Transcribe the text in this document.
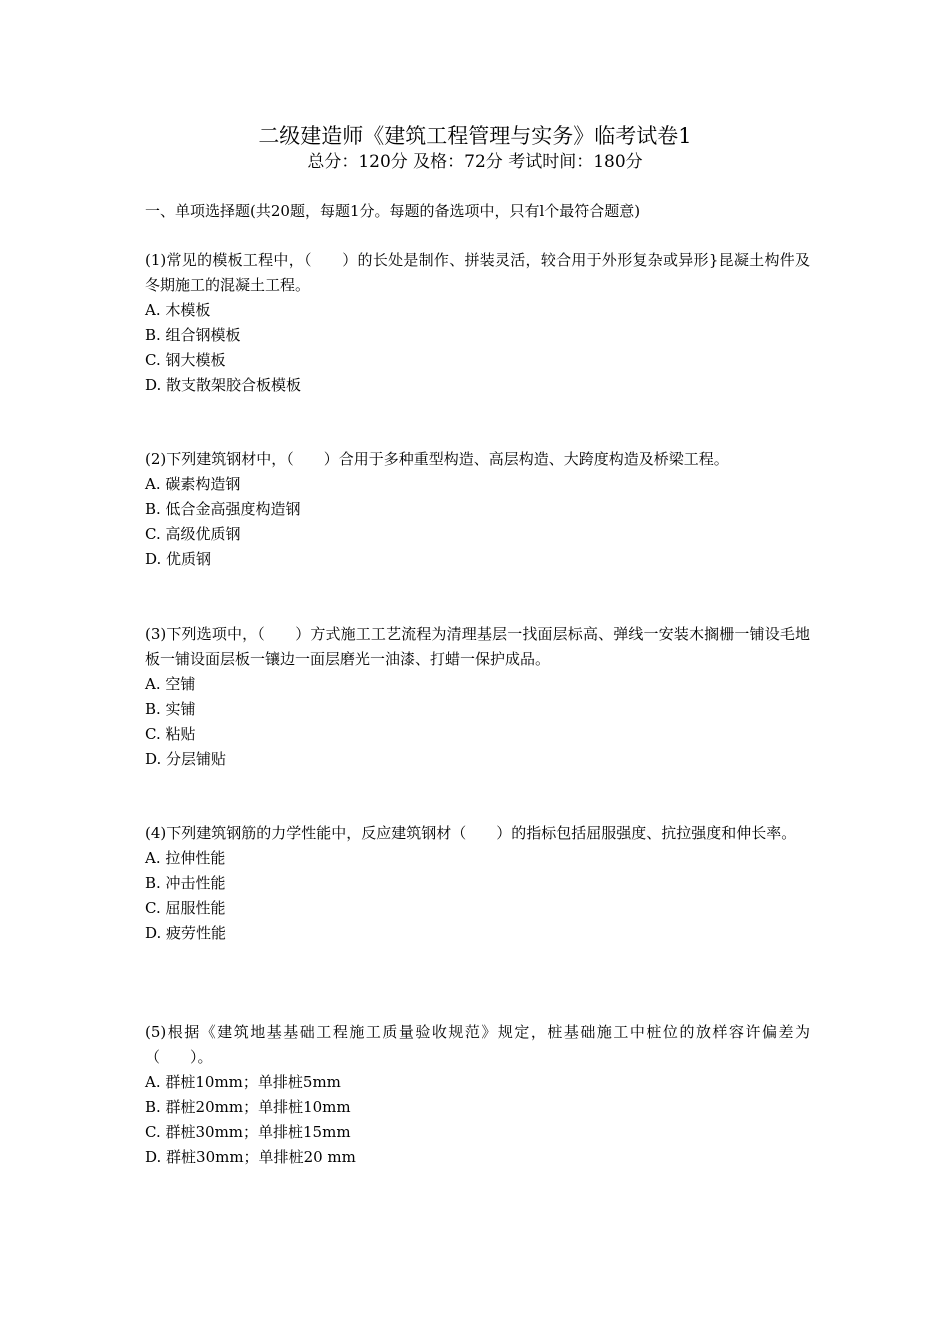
二级建造师《建筑工程管理与实务》临考试卷1
总分：120分 及格：72分 考试时间：180分
一、单项选择题(共20题，每题1分。每题的备选项中，只有l个最符合题意)

(1)常见的模板工程中，（　　）的长处是制作、拼装灵活，较合用于外形复杂或异形}昆凝土构件及冬期施工的混凝土工程。

A. 木模板
B. 组合钢模板
C. 钢大模板
D. 散支散架胶合板模板

(2)下列建筑钢材中，（　　）合用于多种重型构造、高层构造、大跨度构造及桥梁工程。

A. 碳素构造钢
B. 低合金高强度构造钢
C. 高级优质钢
D. 优质钢

(3)下列选项中，（　　）方式施工工艺流程为清理基层一找面层标高、弹线一安装木搁栅一铺设毛地板一铺设面层板一镶边一面层磨光一油漆、打蜡一保护成品。

A. 空铺
B. 实铺
C. 粘贴
D. 分层铺贴

(4)下列建筑钢筋的力学性能中，反应建筑钢材（　　）的指标包括屈服强度、抗拉强度和伸长率。

A. 拉伸性能
B. 冲击性能
C. 屈服性能
D. 疲劳性能

(5)根据《建筑地基基础工程施工质量验收规范》规定，桩基础施工中桩位的放样容许偏差为（　　）。

A. 群桩10mm；单排桩5mm
B. 群桩20mm；单排桩10mm
C. 群桩30mm；单排桩15mm
D. 群桩30mm；单排桩20 mm
